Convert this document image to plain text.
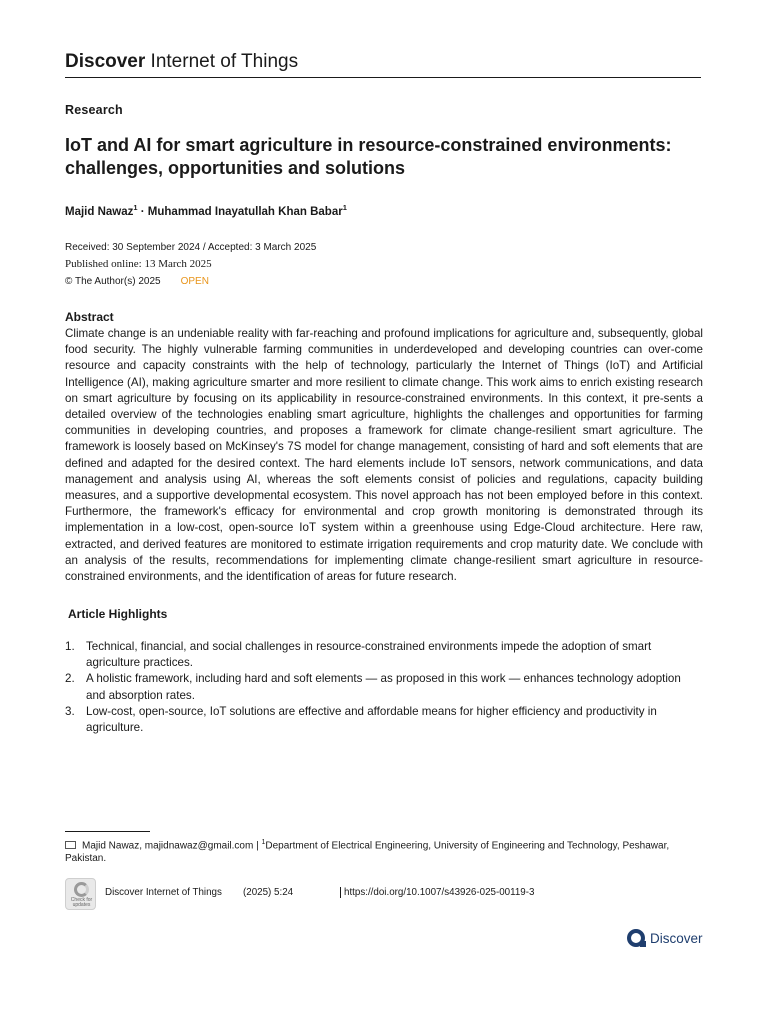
Discover Internet of Things
Research
IoT and AI for smart agriculture in resource-constrained environments: challenges, opportunities and solutions
Majid Nawaz$^1$ · Muhammad Inayatullah Khan Babar$^1$
Received: 30 September 2024 / Accepted: 3 March 2025
Published online: 13 March 2025
© The Author(s) 2025 OPEN
Abstract

Climate change is an undeniable reality with far-reaching and profound implications for agriculture and, subsequently, global food security. The highly vulnerable farming communities in underdeveloped and developing countries can over-come resource and capacity constraints with the help of technology, particularly the Internet of Things (IoT) and Artificial Intelligence (AI), making agriculture smarter and more resilient to climate change. This work aims to enrich existing research on smart agriculture by focusing on its applicability in resource-constrained environments. In this context, it pre-sents a detailed overview of the technologies enabling smart agriculture, highlights the challenges and opportunities for farming communities in developing countries, and proposes a framework for climate change-resilient smart agriculture. The framework is loosely based on McKinsey's 7S model for change management, consisting of hard and soft elements that are defined and adapted for the desired context. The hard elements include IoT sensors, network communications, and data management and analysis using AI, whereas the soft elements consist of policies and regulations, capacity building measures, and a supportive developmental ecosystem. This novel approach has not been employed before in this context. Furthermore, the framework's efficacy for environmental and crop growth monitoring is demonstrated through its implementation in a low-cost, open-source IoT system within a greenhouse using Edge-Cloud architecture. Here raw, extracted, and derived features are monitored to estimate irrigation requirements and crop maturity date. We conclude with an analysis of the results, recommendations for implementing climate change-resilient smart agriculture in resource-constrained environments, and the identification of areas for future research.

Article Highlights
1. Technical, financial, and social challenges in resource-constrained environments impede the adoption of smart agriculture practices.
2. A holistic framework, including hard and soft elements — as proposed in this work — enhances technology adoption and absorption rates.
3. Low-cost, open-source, IoT solutions are effective and affordable means for higher efficiency and productivity in agriculture.
Majid Nawaz, majidnawaz@gmail.com | $^1$Department of Electrical Engineering, University of Engineering and Technology, Peshawar, Pakistan.
Check for updates
Discover Internet of Things (2025) 5:24	https://doi.org/10.1007/s43926-025-00119-3
Discover
